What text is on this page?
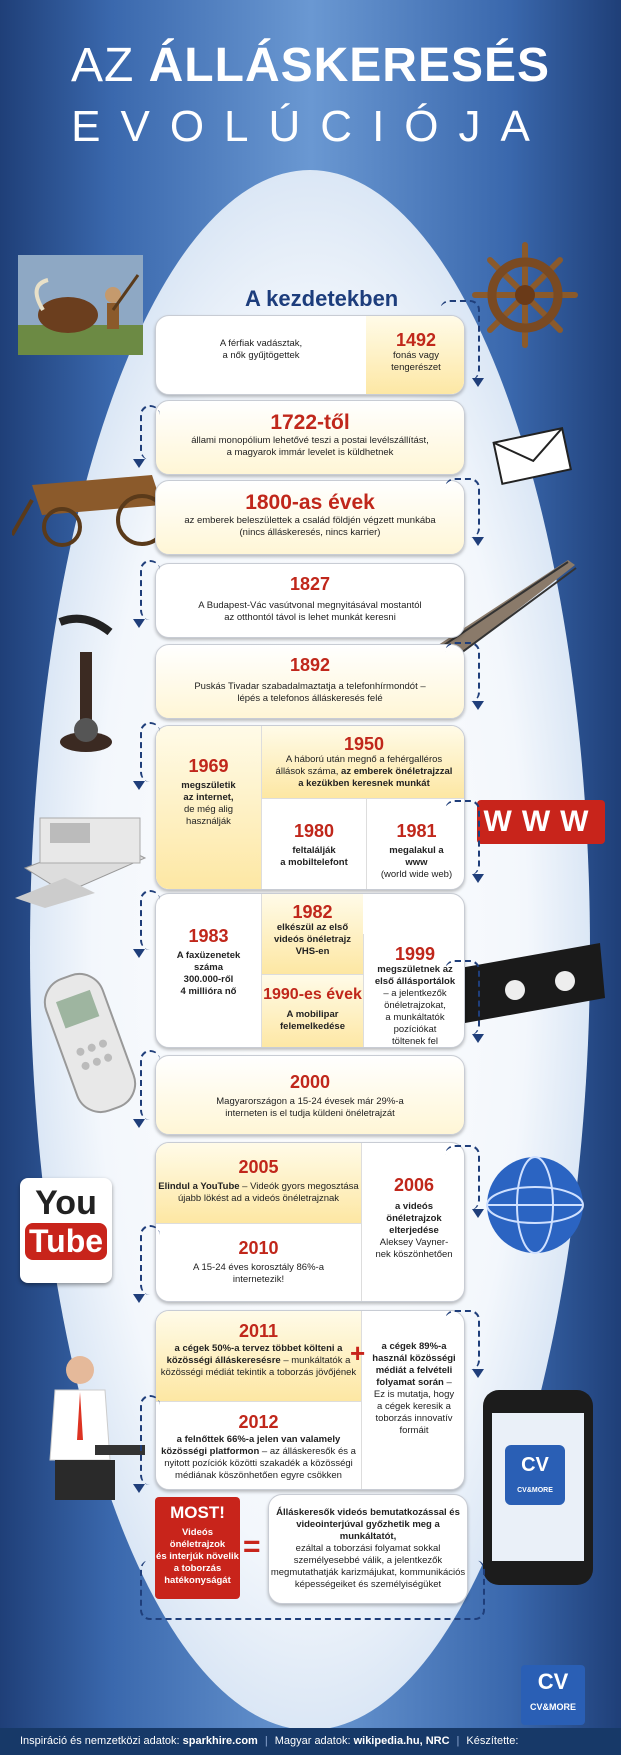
AZ ÁLLÁSKERESÉS
EVOLÚCIÓJA
A kezdetekben
WWW
You
Tube
CV
CV&MORE
A férfiak vadásztak,
a nők gyűjtögettek
1492
fonás vagy
tengerészet
1722-től
állami monopólium lehetővé teszi a postai levélszállítást,
a magyarok immár levelet is küldhetnek
1800-as évek
az emberek beleszülettek a család földjén végzett munkába
(nincs álláskeresés, nincs karrier)
1827
A Budapest-Vác vasútvonal megnyitásával mostantól
az otthontól távol is lehet munkát keresni
1892
Puskás Tivadar szabadalmaztatja a telefonhírmondót –
lépés a telefonos álláskeresés felé
1969
megszületik
az internet,
de még alig
használják
1950
A háború után megnő a fehérgalléros
állások száma, az emberek önéletrajzzal
a kezükben keresnek munkát
1980
feltalálják
a mobiltelefont
1981
megalakul a
www
(world wide web)
1983
A faxüzenetek
száma
300.000-ről
4 millióra nő
1982
elkészül az első
videós önéletrajz
VHS-en
1990-es évek
A mobilipar
felemelkedése
1999
megszületnek az
első állásportálok
– a jelentkezők
önéletrajzokat,
a munkáltatók
pozíciókat
töltenek fel
2000
Magyarországon a 15-24 évesek már 29%-a
interneten is el tudja küldeni önéletrajzát
2005
Elindul a YouTube – Videók gyors megosztása
újabb lökést ad a videós önéletrajznak
2010
A 15-24 éves korosztály 86%-a
internetezik!
2006
a videós
önéletrajzok
elterjedése
Aleksey Vayner-
nek köszönhetően
2011
a cégek 50%-a tervez többet költeni a
közösségi álláskeresésre – munkáltatók a
közösségi médiát tekintik a toborzás jövőjének
2012
a felnőttek 66%-a jelen van valamely
közösségi platformon – az álláskeresők és a
nyitott pozíciók közötti szakadék a közösségi
médiának köszönhetően egyre csökken
a cégek 89%-a
használ közösségi
médiát a felvételi
folyamat során –
Ez is mutatja, hogy
a cégek keresik a
toborzás innovatív
formáit
+
MOST!
Videós önéletrajzok
és interjúk növelik
a toborzás
hatékonyságát
=
Álláskeresők videós bemutatkozással és
videointerjúval győzhetik meg a munkáltatót,
ezáltal a toborzási folyamat sokkal
személyesebbé válik, a jelentkezők
megmutathatják karizmájukat, kommunikációs
képességeiket és személyiségüket
CV
CV&MORE
Inspiráció és nemzetközi adatok: sparkhire.com | Magyar adatok: wikipedia.hu, NRC | Készítette:
